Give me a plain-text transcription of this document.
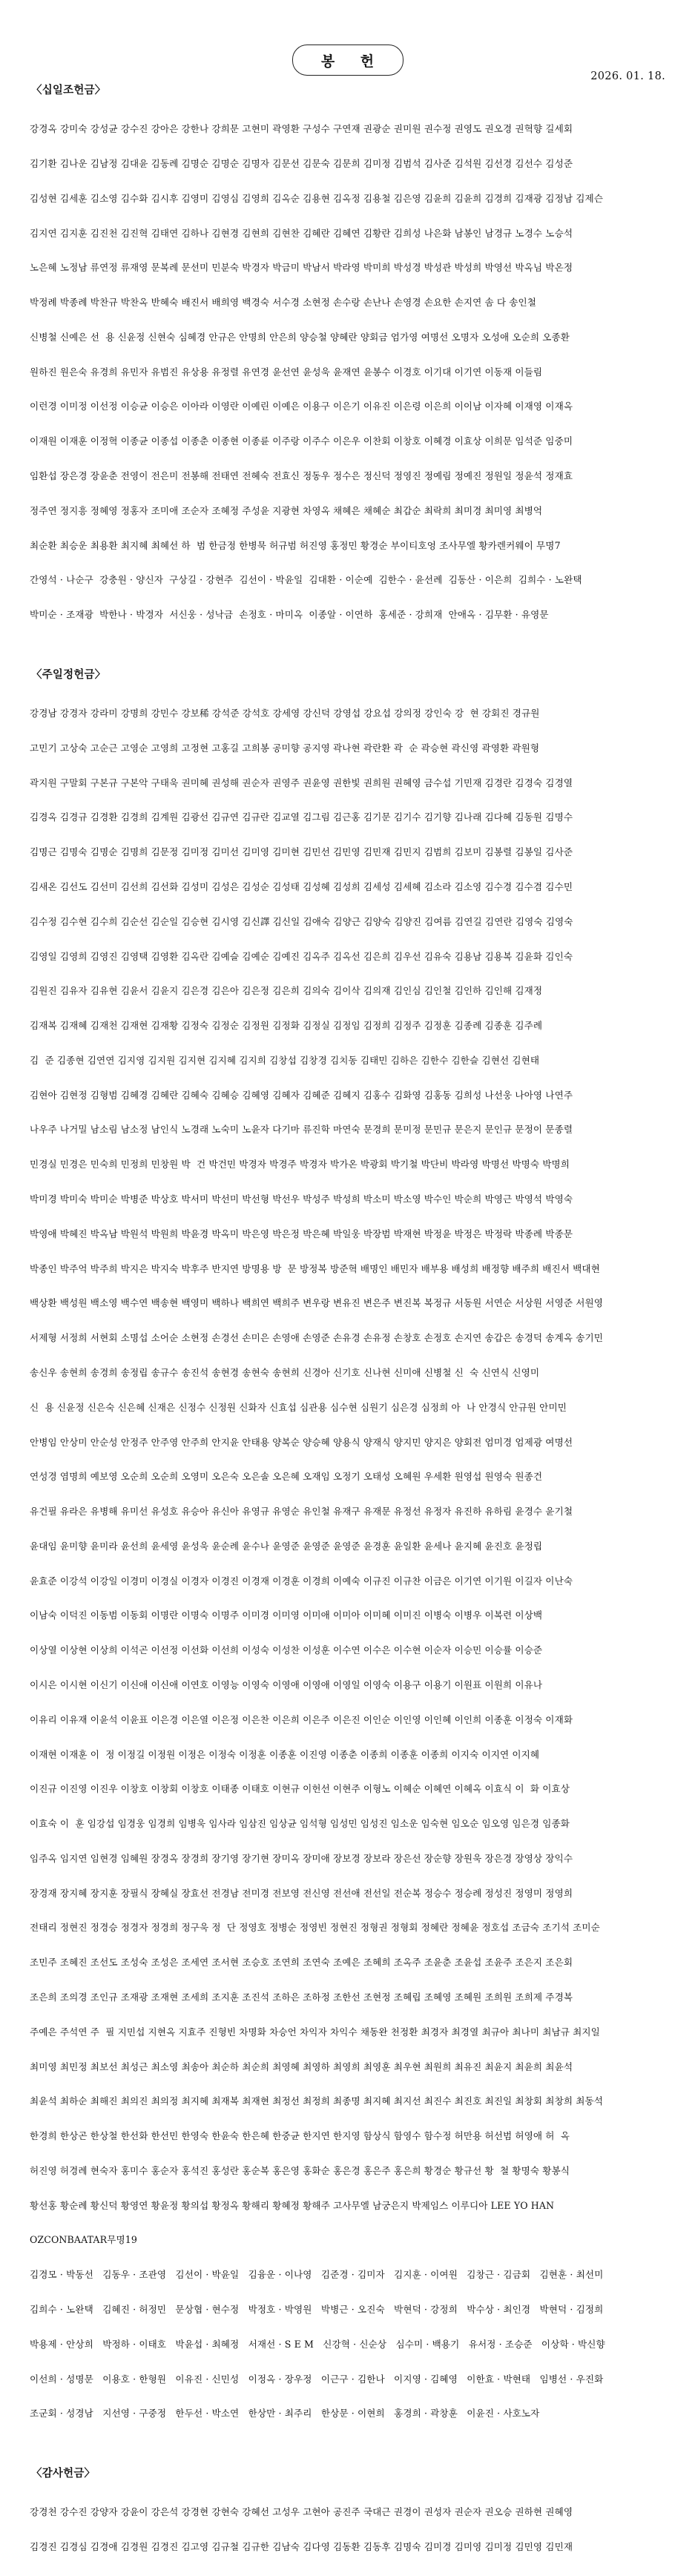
봉 헌
2026. 01. 18.
〈십일조헌금〉

강경옥 강미숙 강성균 강수진 강아은 강한나 강희문 고현미 곽영환 구성수 구연재 권광순 권미원 권수정 권영도 권오경 권혁향 길세회

김기환 김나운 김남정 김대윤 김동례 김명순 김명순 김명자 김문선 김문숙 김문희 김미정 김범석 김사준 김석원 김선경 김선수 김성준

김성현 김세훈 김소영 김수화 김시후 김영미 김영심 김영희 김옥순 김용현 김옥정 김용철 김은영 김윤희 김윤희 김경희 김재광 김정남 김제슨

김지연 김지훈 김진천 김진혁 김태연 김하나 김현경 김현희 김현찬 김혜란 김혜연 김황란 김희성 나은화 남봉인 남경규 노경수 노승석

노은혜 노정남 류연정 류재영 문복례 문선미 민분숙 박경자 박금미 박남서 박라영 박미희 박성경 박성관 박성희 박영선 박옥님 박온정

박정례 박종례 박찬규 박찬옥 반혜숙 배진서 배희영 백경숙 서수경 소현정 손수랑 손난나 손영경 손요한 손지연 솜 다 송인철

신병철 신예은 선  용 신윤정 신현숙 심혜경 안규은 안명희 안은희 양승철 양혜란 양회금 엄가영 여명선 오명자 오성애 오순희 오종환

원하진 원은숙 유경희 유민자 유범진 유상용 유정렬 유연경 윤선연 윤성욱 윤재연 윤봉수 이경호 이기대 이기연 이동재 이들림

이런경 이미정 이선정 이승균 이승은 이아라 이영란 이예린 이예은 이용구 이은기 이유진 이은령 이은희 이이남 이자혜 이재영 이재옥

이재원 이재훈 이정혁 이종균 이종섭 이종춘 이종현 이종륜 이주랑 이주수 이은우 이찬회 이창호 이혜경 이효상 이희문 임석준 임중미

임환섭 장은경 장윤춘 전영이 전은미 전봉해 전태연 전혜숙 전효신 정동우 정수은 정신덕 정영진 정예림 정예진 정원일 정윤석 정재효

정주연 정지흥 정혜영 정홍자 조미애 조순자 조혜정 주성윤 지광현 차영옥 채혜은 채혜순 최갑순 최락희 최미경 최미영 최병억

최순환 최승운 최용환 최지혜 최혜선 하  범 한금정 한병묵 허규범 허진영 홍정민 황경순 부이티호엉 조사무엘 황카렌커웨이 무명7

간영석 · 나순구  강충원 · 양신자  구상길 · 강현주  김선이 · 박윤일  김대환 · 이순예  김한수 · 윤선례  김동산 · 이은희  김희수 · 노완택

박미순 · 조재광  박한나 · 박경자  서신웅 · 성낙금  손정호 · 마미옥  이종알 · 이연하  홍세준 · 강희재  안애옥 · 김무환 · 유영문

〈주일정헌금〉

강경남 강경자 강라미 강명희 강민수 강보稀 강석준 강석호 강세영 강신덕 강영섭 강요섭 강의정 강인숙 강  현 강회진 경규원

고민기 고상숙 고순근 고영순 고영희 고정현 고홍길 고희봉 공미향 공지영 곽나현 곽란환 곽  순 곽승현 곽신영 곽영환 곽원형

곽지원 구말회 구본규 구본악 구태욱 권미혜 권성해 권순자 권영주 권윤영 권한빛 권희원 권혜영 금수섭 기민재 김경란 김경숙 김경열

김경옥 김경규 김경환 김경희 김계원 김광선 김규연 김규란 김교열 김그림 김근홍 김기문 김기수 김기향 김나래 김다혜 김동원 김명수

김명근 김명숙 김명순 김명희 김문정 김미정 김미선 김미영 김미현 김민선 김민영 김민재 김민지 김범희 김보미 김봉렬 김봉일 김사준

김새온 김선도 김선미 김선희 김선화 김성미 김성은 김성순 김성태 김성혜 김성희 김세성 김세혜 김소라 김소영 김수경 김수겸 김수민

김수정 김수현 김수희 김순선 김순일 김승현 김시영 김신譯 김신일 김애숙 김양근 김양숙 김양진 김여름 김연길 김연란 김영숙 김영숙

김영일 김영희 김영진 김영택 김영환 김옥란 김예슬 김예순 김예진 김옥주 김옥선 김은희 김우선 김유숙 김용남 김용복 김윤화 김인숙

김원진 김유자 김유현 김윤서 김윤지 김은경 김은아 김은정 김은희 김의숙 김이삭 김의재 김인심 김인철 김인하 김인해 김재정

김재복 김재혜 김재천 김재현 김재황 김정숙 김정순 김정원 김정화 김정실 김정임 김정희 김정주 김정훈 김종례 김종훈 김주례

김  준 김종현 김연연 김지영 김지원 김지현 김지혜 김지희 김창섭 김창경 김치동 김태민 김하은 김한수 김한슬 김현선 김현태

김현아 김현정 김형범 김혜경 김혜란 김혜숙 김혜승 김혜영 김혜자 김혜준 김혜지 김홍수 김화영 김홍동 김희성 나선웅 나아영 나연주

나우주 나거밀 남소림 남소정 남인식 노경래 노숙미 노윤자 다기마 류진학 마연숙 문경희 문미정 문민규 문은지 문인규 문정이 문종렬

민경실 민경은 민숙희 민정희 민창원 박  건 박건민 박경자 박경주 박경자 박가온 박광회 박기철 박단비 박라영 박명선 박명숙 박명희

박미경 박미숙 박미순 박병준 박상호 박서미 박선미 박선형 박선우 박성주 박성희 박소미 박소영 박수인 박순희 박영근 박영석 박영숙

박영애 박혜진 박옥남 박원석 박원희 박윤경 박옥미 박은영 박은정 박은혜 박일웅 박장범 박재현 박정윤 박정은 박정락 박종례 박종문

박종인 박주억 박주희 박지은 박지숙 박후주 반지연 방명용 방  문 방정복 방준혁 배명인 배민자 배부용 배성희 배정향 배주희 배진서 백대현

백상환 백성원 백소영 백수연 백송현 백영미 백하나 백희연 백희주 변우랑 변유진 변은주 변진복 복정규 서동원 서연순 서상원 서영준 서원영

서제형 서정희 서현회 소명섭 소어순 소현정 손경선 손미은 손영애 손영준 손유경 손유정 손창호 손정호 손지연 송갑은 송경덕 송계옥 송기민

송신우 송현희 송경희 송정립 송규수 송진석 송현경 송현숙 송현희 신경아 신기호 신나현 신미애 신병철 신  숙 신연식 신영미

신  용 신윤정 신은숙 신은혜 신재은 신정수 신정원 신화자 신효섭 심관용 심수현 심원기 심은경 심정희 아  나 안경식 안규원 안미민

안병임 안상미 안순성 안정주 안주영 안주희 안지윤 안태용 양복순 양승혜 양용식 양재식 양지민 양지은 양회전 엄미경 엄제광 여명선

연성경 염명희 예보영 오순희 오순희 오영미 오은숙 오은솔 오은혜 오재임 오정기 오태성 오혜원 우세환 원영섭 원영숙 원종건

유건필 유라은 유병해 유미선 유성호 유승아 유신아 유영규 유영순 유인철 유재구 유재문 유정선 유정자 유진하 유하림 윤경수 윤기철

윤대임 윤미향 윤미라 윤선희 윤세영 윤성욱 윤순례 윤수나 윤영준 윤영준 윤영준 윤경훈 윤일환 윤세나 윤지혜 윤진호 윤정립

윤효준 이강석 이강일 이경미 이경실 이경자 이경진 이경재 이경훈 이경희 이예숙 이규진 이규찬 이금은 이기연 이기원 이길자 이난숙

이남숙 이덕진 이동범 이동회 이명란 이명숙 이명주 이미경 이미영 이미애 이미아 이미혜 이미진 이병숙 이병우 이복련 이상백

이상열 이상현 이상희 이석곤 이선정 이선화 이선희 이성숙 이성찬 이성훈 이수연 이수은 이수현 이순자 이승민 이승률 이승준

이시은 이시현 이신기 이신애 이신애 이연호 이영능 이영숙 이영애 이영애 이영일 이영숙 이용구 이용기 이원표 이원희 이유나

이유리 이유재 이윤석 이윤표 이은경 이은열 이은정 이은찬 이은희 이은주 이은진 이인순 이인영 이인혜 이인희 이종훈 이정숙 이재화

이재현 이재훈 이  정 이정길 이정원 이정은 이정숙 이정훈 이종훈 이진영 이종춘 이종희 이종훈 이종희 이지숙 이지연 이지혜

이진규 이진영 이진우 이창호 이창회 이창호 이태종 이태호 이현규 이헌선 이현주 이형노 이혜순 이혜연 이혜옥 이효식 이  화 이효상

이효숙 이  훈 임강섭 임경웅 임경희 임병욱 임사라 임삼진 임상균 임석형 임성민 임성진 임소운 임숙현 임오순 임오영 임은경 임종화

임주옥 임지연 임현경 임혜원 장경옥 장경희 장기영 장기현 장미옥 장미애 장보경 장보라 장은선 장순향 장원욱 장은경 장영상 장익수

장경재 장지혜 장지훈 장필식 장혜실 장효선 전경남 전미경 전보영 전신영 전선애 전선일 전순복 정승수 정승례 정성진 정영미 정영희

전태리 정현진 정경승 정경자 정경희 정구욱 정  단 정영호 정병순 정영빈 정현진 정형권 정형회 정혜란 정혜윤 정호섭 조금숙 조기석 조미순

조민주 조혜진 조선도 조성숙 조성은 조세연 조서현 조승호 조연희 조연숙 조예은 조혜희 조옥주 조윤춘 조윤섭 조윤주 조은지 조은회

조은희 조의경 조인규 조재광 조재현 조세희 조지훈 조진석 조하은 조하정 조한선 조현정 조혜립 조혜영 조혜원 조희원 조희제 주경복

주예은 주석연 주  필 지민섭 지현옥 지효주 진형빈 차명화 차승언 차익자 차익수 채동완 천정환 최경자 최경열 최규아 최나미 최남규 최지일

최미영 최민정 최보선 최성근 최소영 최송아 최순하 최순희 최영혜 최영하 최영희 최영훈 최우현 최원희 최유진 최윤지 최윤희 최윤석

최윤석 최하순 최해진 최의진 최의정 최지혜 최재복 최재현 최정선 최정희 최종명 최지혜 최지선 최진수 최진호 최진일 최창회 최창희 최동석

한경희 한상곤 한상철 한선화 한선민 한영숙 한윤숙 한은혜 한중균 한지연 한지영 함상식 함영수 함수정 허만용 허선범 허영애 허  옥

허진영 허경례 현숙자 홍미수 홍순자 홍석진 홍성란 홍순복 홍은영 홍화순 홍은경 홍은주 홍은희 황경순 황규선 황  철 황명숙 황봉식

황선홍 황순례 황신덕 황영연 황윤정 황의섭 황정옥 황해리 황혜정 황해주 고사무엘 남궁은지 박제임스 이루디아 LEE YO HAN

OZCONBAATAR무명19

김경모 · 박동선   김동우 · 조관영   김선이 · 박윤일   김융운 · 이나영   김준경 · 김미자   김지훈 · 이여원   김창근 · 김금회   김현훈 · 최선미

김희수 · 노완택   김혜진 · 허정민   문상협 · 현수정   박정호 · 박영원   박병근 · 오진숙   박현덕 · 강정희   박수상 · 최인경   박현덕 · 김정희

박용제 · 안상희   박정하 · 이태호   박윤섭 · 최혜정   서재선 · S E M   신강혁 · 신순상   심수미 · 백용기   유서정 · 조승준   이상학 · 박신향

이선희 · 성명문   이용호 · 한형원   이유진 · 신민성   이정옥 · 장우정   이근구 · 김한나   이지영 · 김혜영   이한효 · 박현태   임병선 · 우진화

조군회 · 성경남   지선영 · 구중정   한두선 · 박소연   한상만 · 최주리   한상문 · 이현희   홍경희 · 곽창훈   이윤진 · 사호노자

〈감사헌금〉

강경천 강수진 강양자 강윤이 강은석 강경현 강현숙 강혜선 고성우 고현아 공진주 국대근 권경이 권성자 권순자 권오승 권하현 권혜영

김경진 김경심 김경애 김경원 김경진 김고영 김규철 김규한 김남숙 김다영 김동환 김동후 김명숙 김미경 김미영 김미정 김민영 김민재
